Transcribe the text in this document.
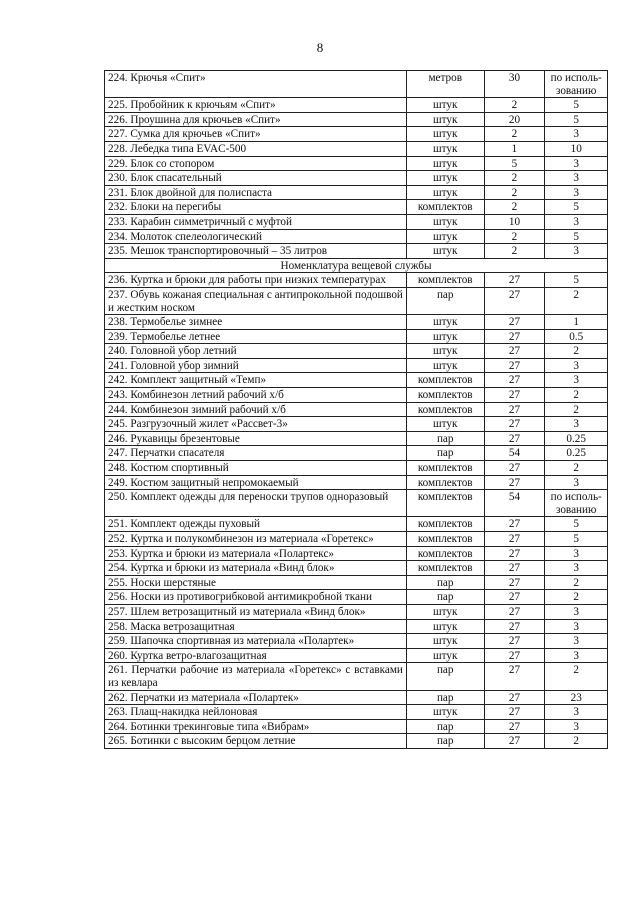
8
224. Крючья «Спит»	метров	30	по исполь-зованию
225. Пробойник к крючьям «Спит»	штук	2	5
226. Проушина для крючьев «Спит»	штук	20	5
227. Сумка для крючьев «Спит»	штук	2	3
228. Лебедка типа EVAC-500	штук	1	10
229. Блок со стопором	штук	5	3
230. Блок спасательный	штук	2	3
231. Блок двойной для полиспаста	штук	2	3
232. Блоки на перегибы	комплектов	2	5
233. Карабин симметричный с муфтой	штук	10	3
234. Молоток спелеологический	штук	2	5
235. Мешок транспортировочный – 35 литров	штук	2	3
Номенклатура вещевой службы			
236. Куртка и брюки для работы при низких температурах	комплектов	27	5
237. Обувь кожаная специальная с антипрокольной подошвой и жестким носком	пар	27	2
238. Термобелье зимнее	штук	27	1
239. Термобелье летнее	штук	27	0.5
240. Головной убор летний	штук	27	2
241. Головной убор зимний	штук	27	3
242. Комплект защитный «Темп»	комплектов	27	3
243. Комбинезон летний рабочий х/б	комплектов	27	2
244. Комбинезон зимний рабочий х/б	комплектов	27	2
245. Разгрузочный жилет «Рассвет-3»	штук	27	3
246. Рукавицы брезентовые	пар	27	0.25
247. Перчатки спасателя	пар	54	0.25
248. Костюм спортивный	комплектов	27	2
249. Костюм защитный непромокаемый	комплектов	27	3
250. Комплект одежды для переноски трупов одноразовый	комплектов	54	по исполь-зованию
251. Комплект одежды пуховый	комплектов	27	5
252. Куртка и полукомбинезон из материала «Горетекс»	комплектов	27	5
253. Куртка и брюки из материала «Полартекс»	комплектов	27	3
254. Куртка и брюки из материала «Винд блок»	комплектов	27	3
255. Носки шерстяные	пар	27	2
256. Носки из противогрибковой антимикробной ткани	пар	27	2
257. Шлем ветрозащитный из материала «Винд блок»	штук	27	3
258. Маска ветрозащитная	штук	27	3
259. Шапочка спортивная из материала «Полартек»	штук	27	3
260. Куртка ветро-влагозащитная	штук	27	3
261. Перчатки рабочие из материала «Горетекс» с вставками из кевлара	пар	27	2
262. Перчатки из материала «Полартек»	пар	27	23
263. Плащ-накидка нейлоновая	штук	27	3
264. Ботинки трекинговые типа «Вибрам»	пар	27	3
265. Ботинки с высоким берцом летние	пар	27	2
